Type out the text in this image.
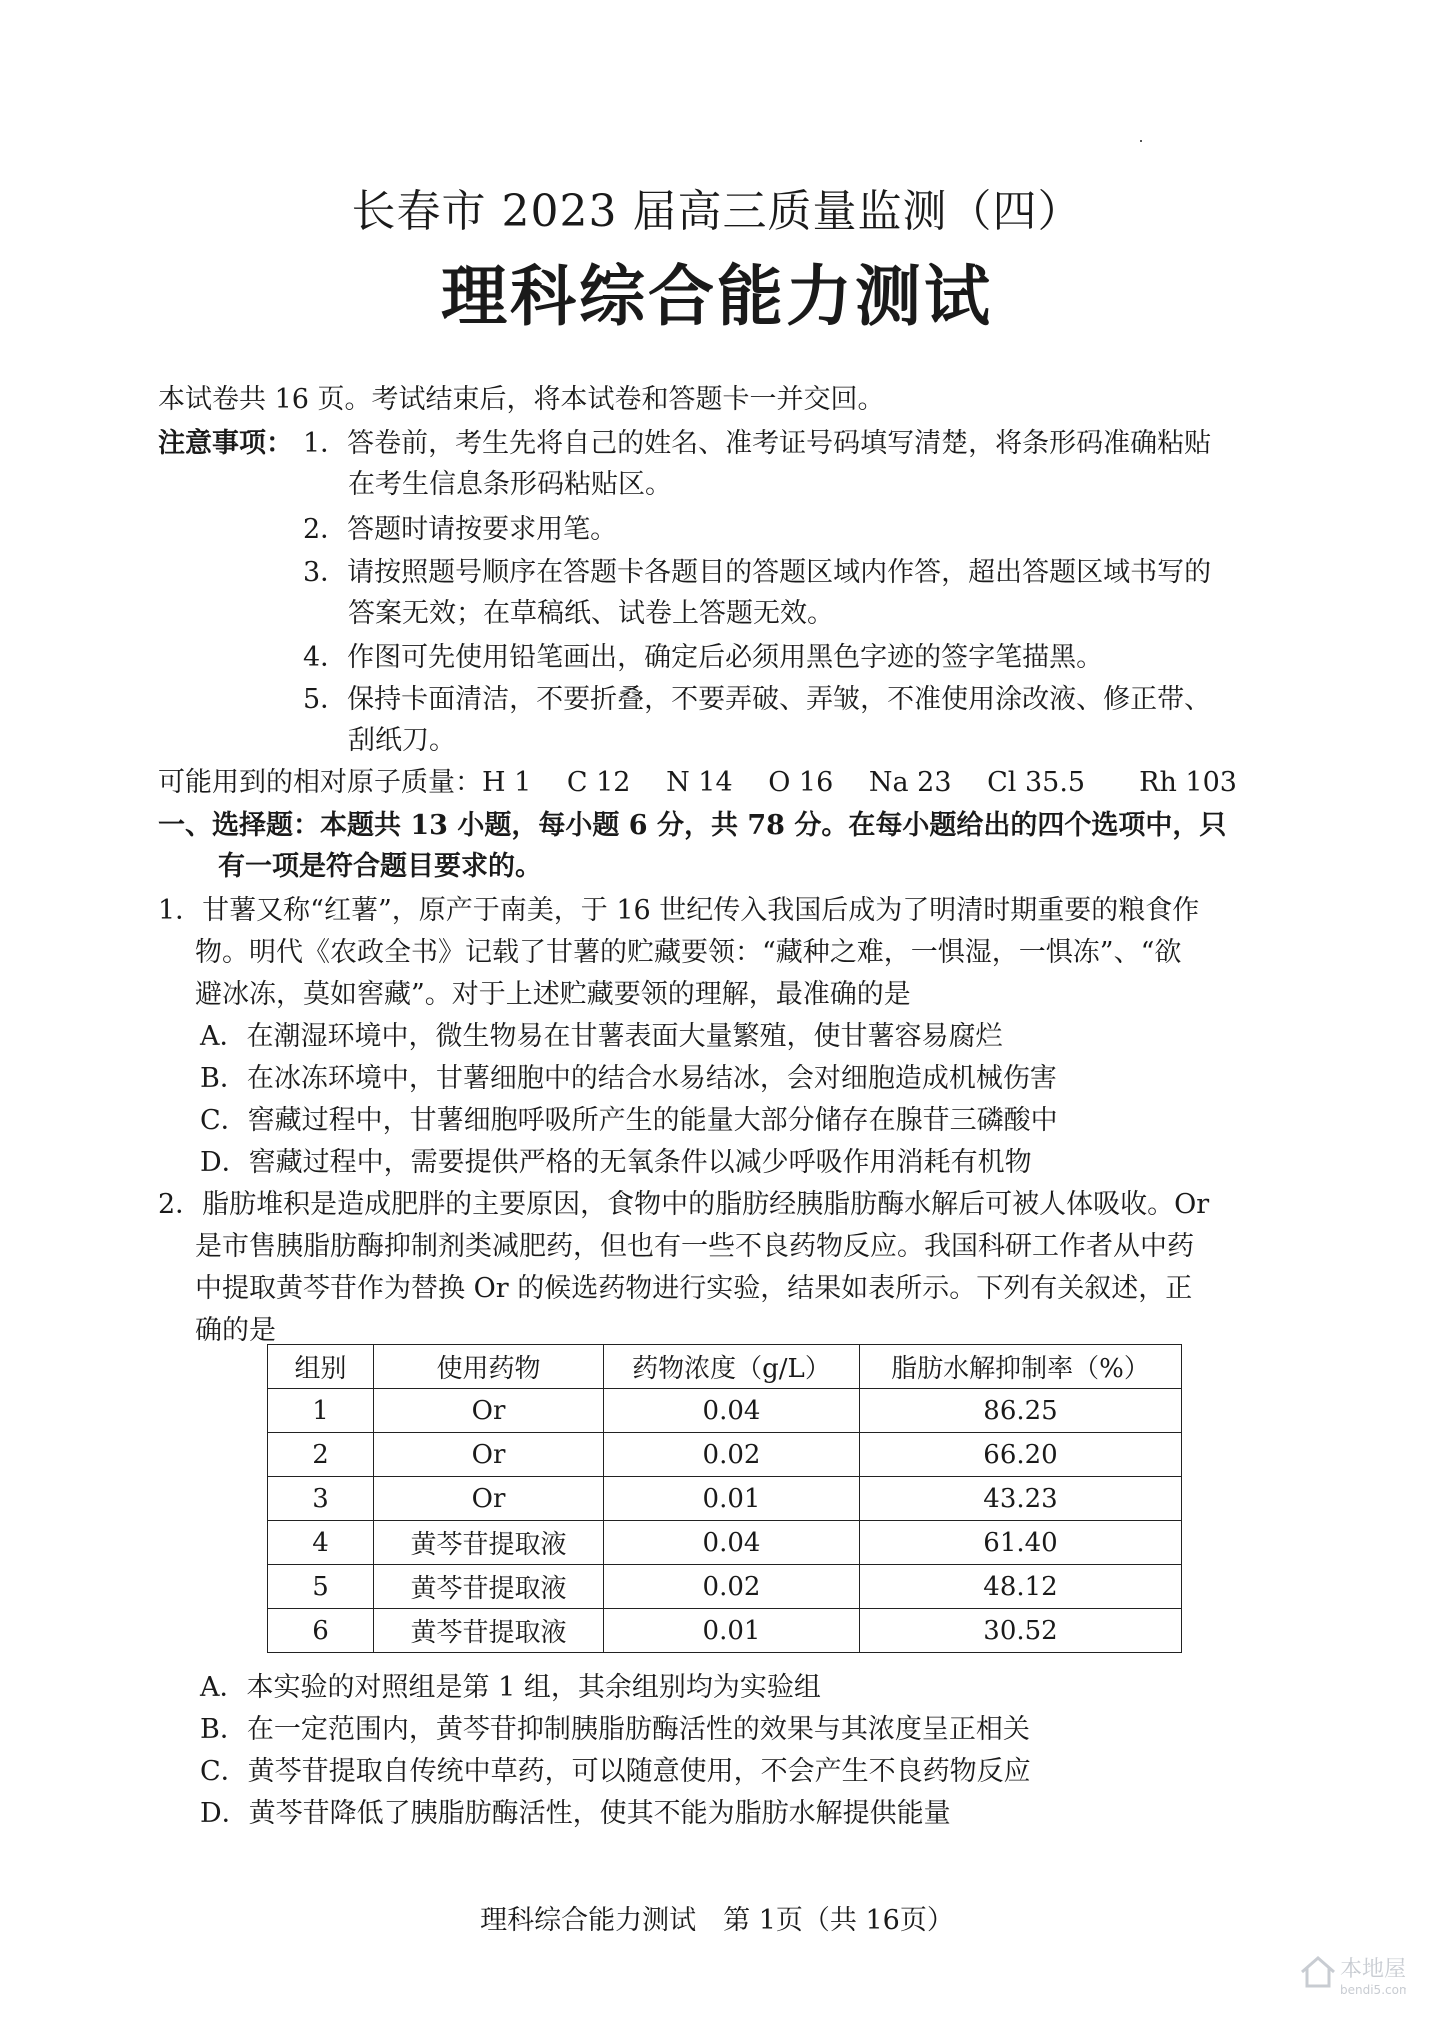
长春市 2023 届高三质量监测（四）
理科综合能力测试
本试卷共 16 页。考试结束后，将本试卷和答题卡一并交回。
注意事项： 1．答卷前，考生先将自己的姓名、准考证号码填写清楚，将条形码准确粘贴
在考生信息条形码粘贴区。
2．答题时请按要求用笔。
3．请按照题号顺序在答题卡各题目的答题区域内作答，超出答题区域书写的
答案无效；在草稿纸、试卷上答题无效。
4．作图可先使用铅笔画出，确定后必须用黑色字迹的签字笔描黑。
5．保持卡面清洁，不要折叠，不要弄破、弄皱，不准使用涂改液、修正带、
刮纸刀。
可能用到的相对原子质量：H 1　 C 12　 N 14　 O 16　 Na 23　 Cl 35.5　　Rh 103
一、选择题：本题共 13 小题，每小题 6 分，共 78 分。在每小题给出的四个选项中，只
有一项是符合题目要求的。
1．甘薯又称“红薯”，原产于南美，于 16 世纪传入我国后成为了明清时期重要的粮食作
物。明代《农政全书》记载了甘薯的贮藏要领：“藏种之难，一惧湿，一惧冻”、“欲
避冰冻，莫如窖藏”。对于上述贮藏要领的理解，最准确的是
A．在潮湿环境中，微生物易在甘薯表面大量繁殖，使甘薯容易腐烂
B．在冰冻环境中，甘薯细胞中的结合水易结冰，会对细胞造成机械伤害
C．窖藏过程中，甘薯细胞呼吸所产生的能量大部分储存在腺苷三磷酸中
D．窖藏过程中，需要提供严格的无氧条件以减少呼吸作用消耗有机物
2．脂肪堆积是造成肥胖的主要原因，食物中的脂肪经胰脂肪酶水解后可被人体吸收。Or
是市售胰脂肪酶抑制剂类减肥药，但也有一些不良药物反应。我国科研工作者从中药
中提取黄芩苷作为替换 Or 的候选药物进行实验，结果如表所示。下列有关叙述，正
确的是
组别	使用药物	药物浓度（g/L）	脂肪水解抑制率（%）
1	Or	0.04	86.25
2	Or	0.02	66.20
3	Or	0.01	43.23
4	黄芩苷提取液	0.04	61.40
5	黄芩苷提取液	0.02	48.12
6	黄芩苷提取液	0.01	30.52
A．本实验的对照组是第 1 组，其余组别均为实验组
B．在一定范围内，黄芩苷抑制胰脂肪酶活性的效果与其浓度呈正相关
C．黄芩苷提取自传统中草药，可以随意使用，不会产生不良药物反应
D．黄芩苷降低了胰脂肪酶活性，使其不能为脂肪水解提供能量
理科综合能力测试　第 1页（共 16页）
本地屋
bendi5.com
